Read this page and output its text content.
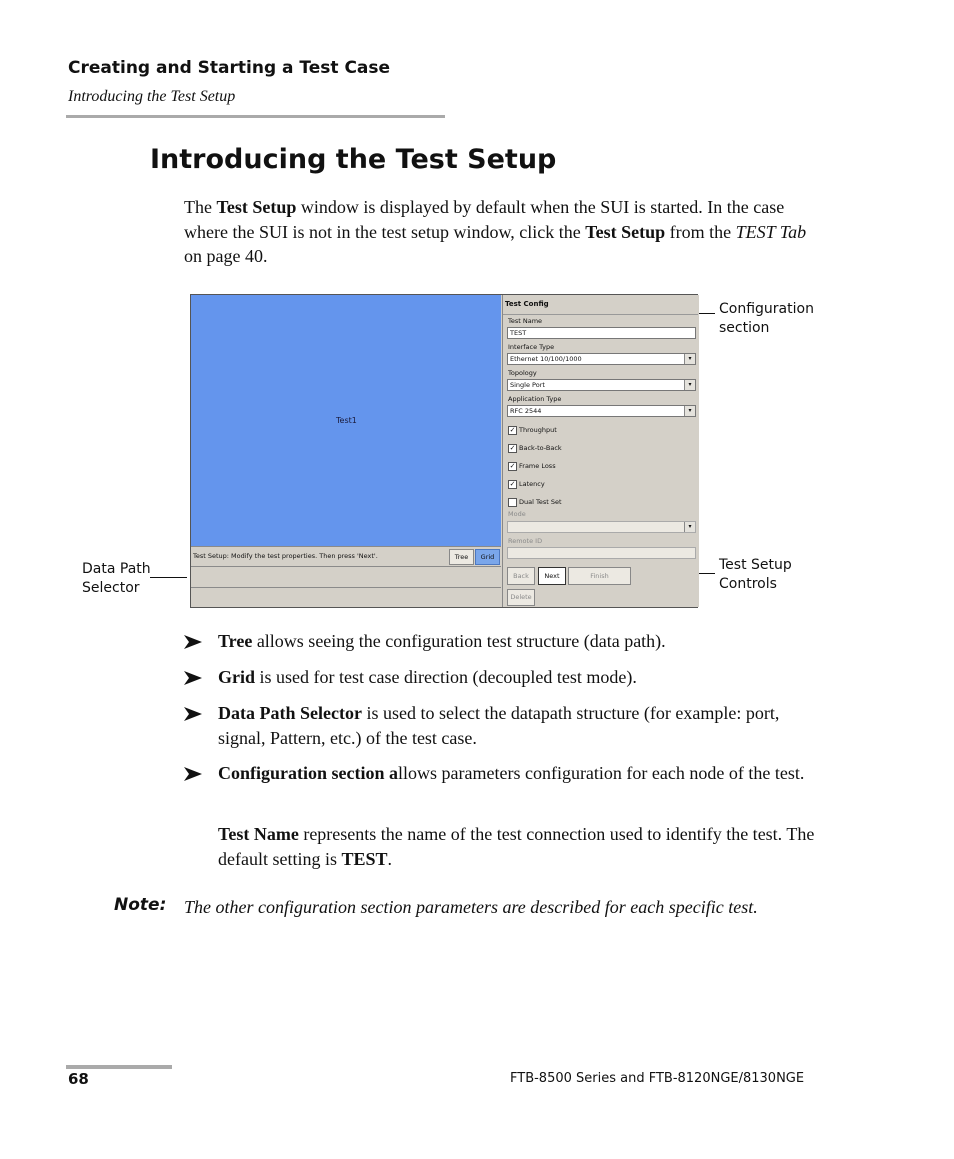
Creating and Starting a Test Case
Introducing the Test Setup
Introducing the Test Setup
The Test Setup window is displayed by default when the SUI is started. In the case where the SUI is not in the test setup window, click the Test Setup from the TEST Tab on page 40.
Test1
Test Setup: Modify the test properties. Then press 'Next'.	Tree	Grid
Test Config
Test Name
TEST
Interface Type
Ethernet 10/100/1000	▾
Topology
Single Port	▾
Application Type
RFC 2544	▾
✓ Throughput
✓ Back-to-Back
✓ Frame Loss
✓ Latency
Dual Test Set
Mode
▾
Remote ID
Back	Next	Finish
Delete
Configuration section
Test Setup Controls
Data Path Selector
Tree allows seeing the configuration test structure (data path).
Grid is used for test case direction (decoupled test mode).
Data Path Selector is used to select the datapath structure (for example: port, signal, Pattern, etc.) of the test case.
Configuration section allows parameters configuration for each node of the test.
Test Name represents the name of the test connection used to identify the test. The default setting is TEST.
Note: The other configuration section parameters are described for each specific test.
68	FTB-8500 Series and FTB-8120NGE/8130NGE
